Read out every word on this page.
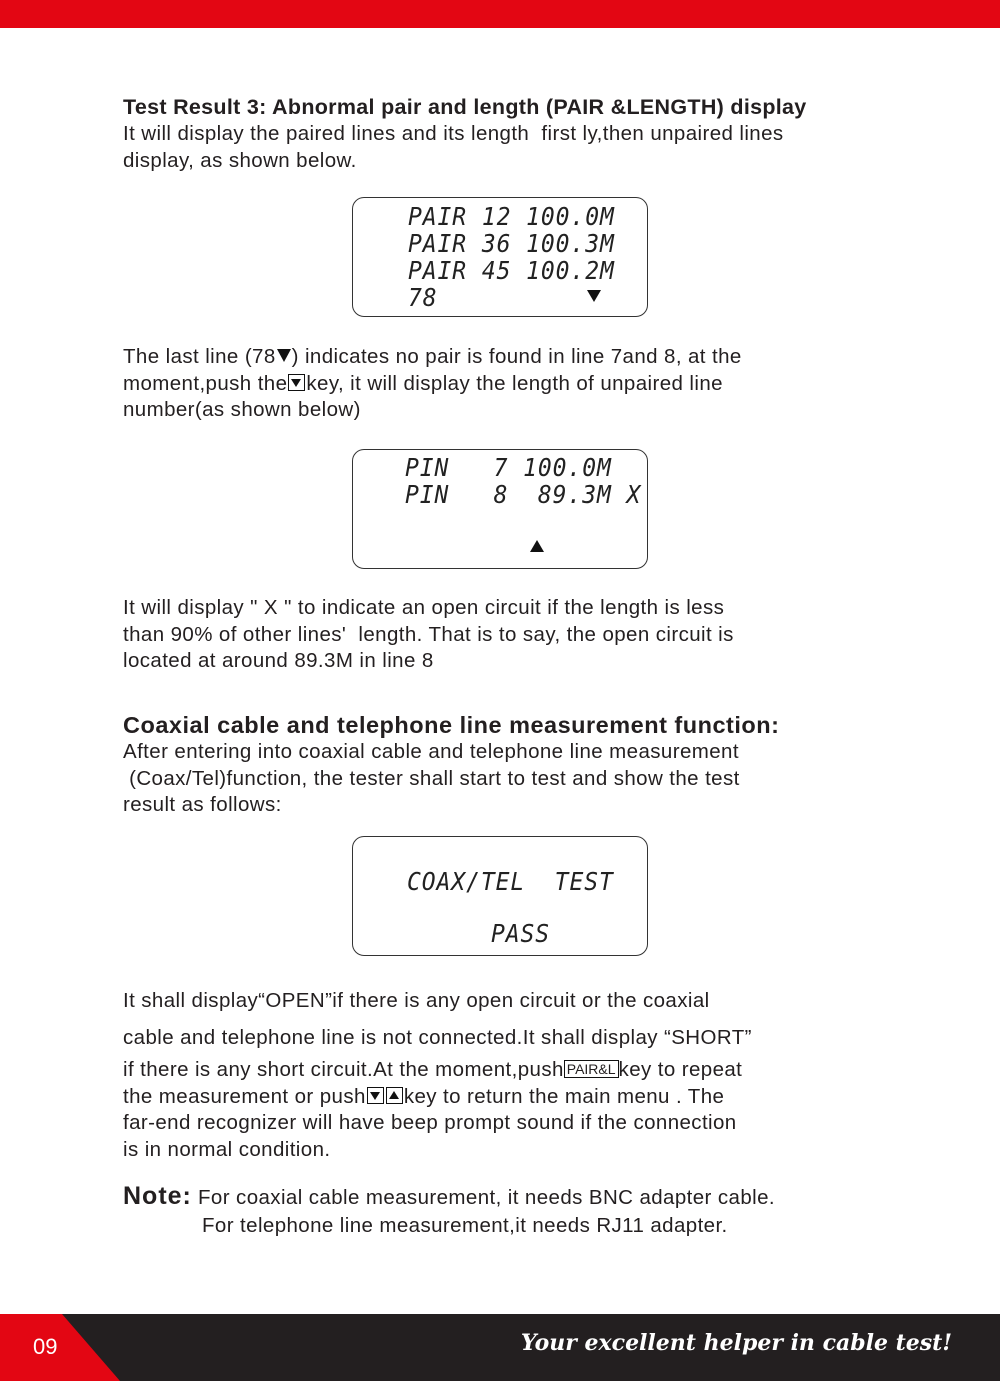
Test Result 3: Abnormal pair and length (PAIR &LENGTH) display

It will display the paired lines and its length  first ly,then unpaired lines
display, as shown below.

PAIR 12 100.0M
PAIR 36 100.3M
PAIR 45 100.2M
78

The last line (78 ) indicates no pair is found in line 7and 8, at the

moment,push the key, it will display the length of unpaired line

number(as shown below)

PIN   7 100.0M
PIN   8  89.3M X

It will display " X " to indicate an open circuit if the length is less
than 90% of other lines'  length. That is to say, the open circuit is
located at around 89.3M in line 8

Coaxial cable and telephone line measurement function:

After entering into coaxial cable and telephone line measurement
(Coax/Tel)function, the tester shall start to test and show the test
result as follows:

COAX/TEL  TEST
PASS

It shall display“OPEN”if there is any open circuit or the coaxial

cable and telephone line is not connected.It shall display “SHORT”

if there is any short circuit.At the moment,push PAIR&L key to repeat

the measurement or push key to return the main menu . The

far-end recognizer will have beep prompt sound if the connection
is in normal condition.

Note: For coaxial cable measurement, it needs BNC adapter cable.

For telephone line measurement,it needs RJ11 adapter.

09	Your excellent helper in cable test!
